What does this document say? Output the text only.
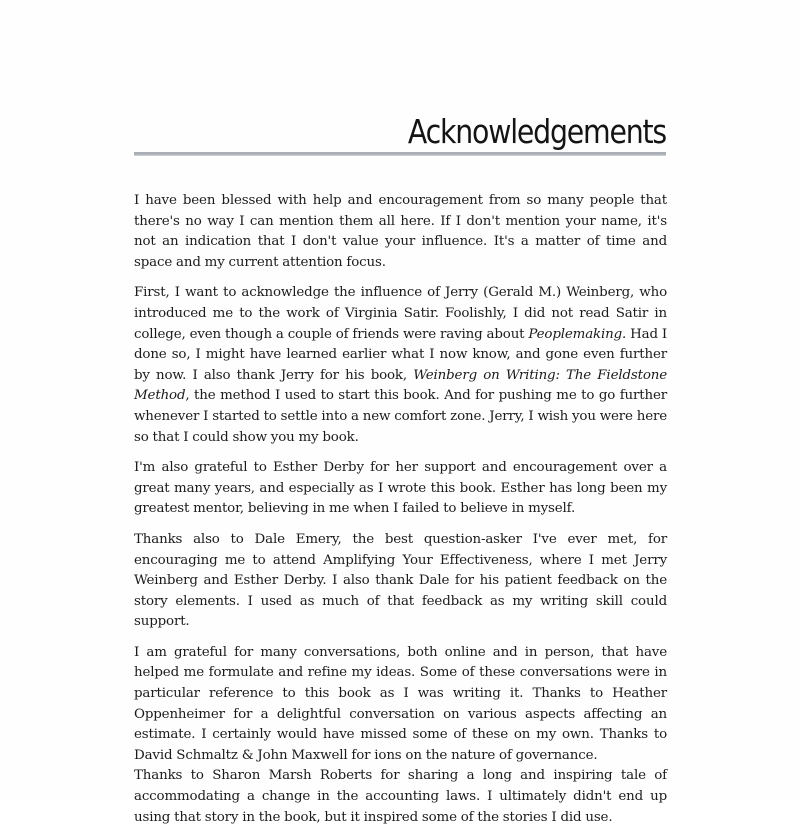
Acknowledgements

I have been blessed with help and encouragement from so many people that there's no way I can mention them all here. If I don't mention your name, it's not an indication that I don't value your influence. It's a matter of time and space and my current attention focus.

First, I want to acknowledge the influence of Jerry (Gerald M.) Weinberg, who introduced me to the work of Virginia Satir. Foolishly, I did not read Satir in college, even though a couple of friends were raving about Peoplemaking. Had I done so, I might have learned earlier what I now know, and gone even further by now. I also thank Jerry for his book, Weinberg on Writing: The Fieldstone Method, the method I used to start this book. And for pushing me to go further whenever I started to settle into a new comfort zone. Jerry, I wish you were here so that I could show you my book.

I'm also grateful to Esther Derby for her support and encouragement over a great many years, and especially as I wrote this book. Esther has long been my greatest mentor, believing in me when I failed to believe in myself.

Thanks also to Dale Emery, the best question-asker I've ever met, for encouraging me to attend Amplifying Your Effectiveness, where I met Jerry Weinberg and Esther Derby. I also thank Dale for his patient feedback on the story elements. I used as much of that feedback as my writing skill could support.

I am grateful for many conversations, both online and in person, that have helped me formulate and refine my ideas. Some of these conversations were in particular reference to this book as I was writing it. Thanks to Heather Oppenheimer for a delightful conversation on various aspects affecting an estimate. I certainly would have missed some of these on my own. Thanks to David Schmaltz & John Maxwell for ions on the nature of governance.

Thanks to Sharon Marsh Roberts for sharing a long and inspiring tale of accommodating a change in the accounting laws. I ultimately didn't end up using that story in the book, but it inspired some of the stories I did use.
